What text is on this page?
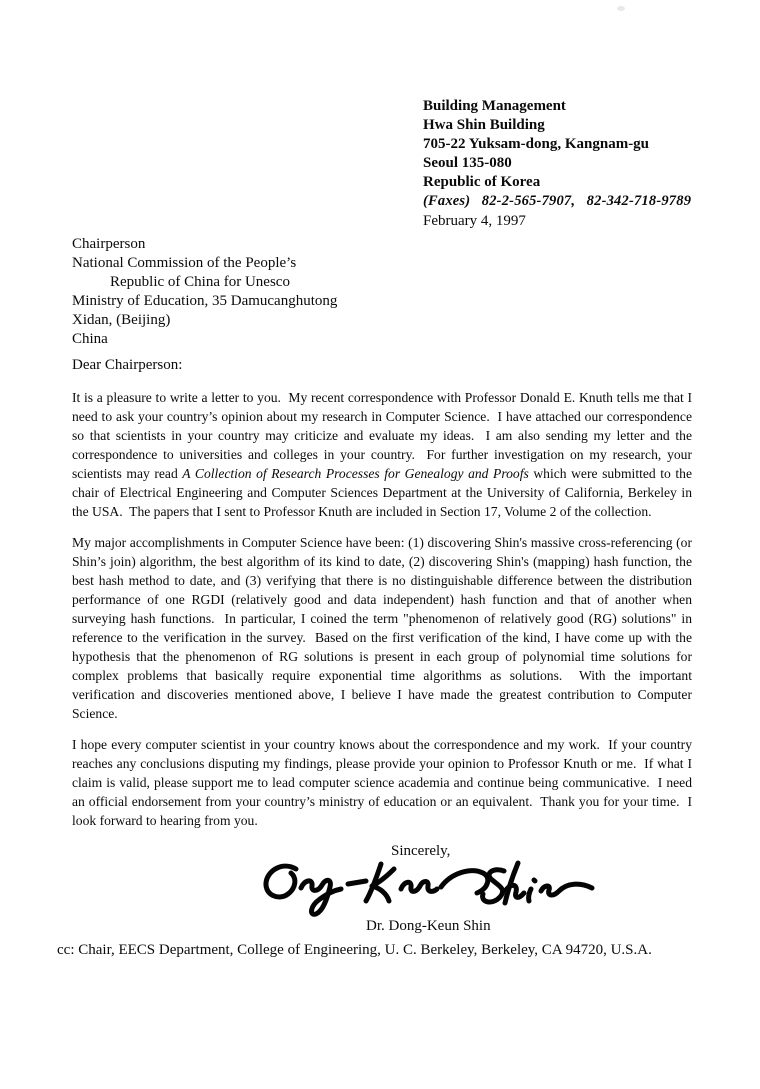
Building Management
Hwa Shin Building
705-22 Yuksam-dong, Kangnam-gu
Seoul 135-080
Republic of Korea
(Faxes)   82-2-565-7907,   82-342-718-9789
February 4, 1997
Chairperson
National Commission of the People’s
Republic of China for Unesco
Ministry of Education, 35 Damucanghutong
Xidan, (Beijing)
China
Dear Chairperson:

It is a pleasure to write a letter to you.  My recent correspondence with Professor Donald E. Knuth tells me that I need to ask your country’s opinion about my research in Computer Science.  I have attached our correspondence so that scientists in your country may criticize and evaluate my ideas.  I am also sending my letter and the correspondence to universities and colleges in your country.  For further investigation on my research, your scientists may read A Collection of Research Processes for Genealogy and Proofs which were submitted to the chair of Electrical Engineering and Computer Sciences Department at the University of California, Berkeley in the USA.  The papers that I sent to Professor Knuth are included in Section 17, Volume 2 of the collection.

My major accomplishments in Computer Science have been: (1) discovering Shin's massive cross-referencing (or Shin’s join) algorithm, the best algorithm of its kind to date, (2) discovering Shin's (mapping) hash function, the best hash method to date, and (3) verifying that there is no distinguishable difference between the distribution performance of one RGDI (relatively good and data independent) hash function and that of another when surveying hash functions.  In particular, I coined the term "phenomenon of relatively good (RG) solutions" in reference to the verification in the survey.  Based on the first verification of the kind, I have come up with the hypothesis that the phenomenon of RG solutions is present in each group of polynomial time solutions for complex problems that basically require exponential time algorithms as solutions.  With the important verification and discoveries mentioned above, I believe I have made the greatest contribution to Computer Science.

I hope every computer scientist in your country knows about the correspondence and my work.  If your country reaches any conclusions disputing my findings, please provide your opinion to Professor Knuth or me.  If what I claim is valid, please support me to lead computer science academia and continue being communicative.  I need an official endorsement from your country’s ministry of education or an equivalent.  Thank you for your time.  I look forward to hearing from you.

Sincerely,
Dr. Dong-Keun Shin
cc: Chair, EECS Department, College of Engineering, U. C. Berkeley, Berkeley, CA 94720, U.S.A.
